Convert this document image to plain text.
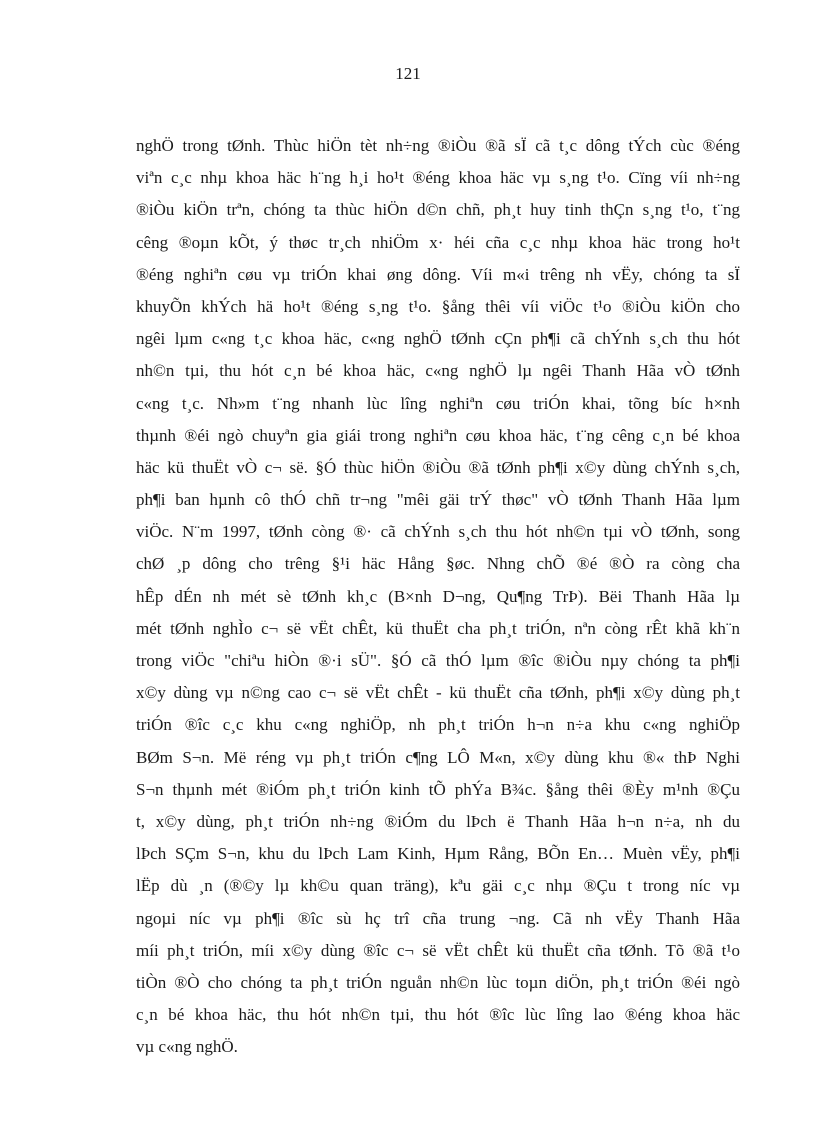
121
nghÖ trong tØnh. Thùc hiÖn tèt nh÷ng ®iÒu ®ã sÏ cã t¸c dông tÝch cùc ®éng
viªn c¸c nhµ khoa häc h¨ng h¸i ho¹t ®éng khoa häc vµ s¸ng t¹o. Cïng víi nh÷ng
®iÒu kiÖn trªn, chóng ta thùc hiÖn d©n chñ, ph¸t huy tinh thÇn s¸ng t¹o, t¨ng
cêng ®oµn kÕt, ý thøc tr¸ch nhiÖm x· héi cña c¸c nhµ khoa häc trong ho¹t
®éng nghiªn cøu vµ triÓn khai øng dông. Víi m«i trêng nh vËy, chóng ta sÏ
khuyÕn khÝch hä ho¹t ®éng s¸ng t¹o. §ång thêi víi viÖc t¹o ®iÒu kiÖn cho
ngêi lµm c«ng t¸c khoa häc, c«ng nghÖ tØnh cÇn ph¶i cã chÝnh s¸ch thu hót
nh©n tµi, thu hót c¸n bé khoa häc, c«ng nghÖ lµ ngêi Thanh Hãa vÒ tØnh
c«ng t¸c. Nh»m t¨ng nhanh lùc lîng nghiªn cøu triÓn khai, tõng bíc h×nh
thµnh ®éi ngò chuyªn gia giái trong nghiªn cøu khoa häc, t¨ng cêng c¸n bé khoa
häc kü thuËt vÒ c¬ së. §Ó thùc hiÖn ®iÒu ®ã tØnh ph¶i x©y dùng chÝnh s¸ch,
ph¶i ban hµnh cô thÓ chñ tr¬ng "mêi gäi trÝ thøc" vÒ tØnh Thanh Hãa lµm
viÖc. N¨m 1997, tØnh còng ®· cã chÝnh s¸ch thu hót nh©n tµi vÒ tØnh, song
chØ ¸p dông cho trêng §¹i häc Hång §øc. Nhng chÕ ®é ®Ò ra còng cha
hÊp dÉn nh mét sè tØnh kh¸c (B×nh D¬ng, Qu¶ng TrÞ). Bëi Thanh Hãa lµ
mét tØnh nghÌo c¬ së vËt chÊt, kü thuËt cha ph¸t triÓn, nªn còng rÊt khã kh¨n
trong viÖc "chiªu hiÒn ®·i sÜ". §Ó cã thÓ lµm ®îc ®iÒu nµy chóng ta ph¶i
x©y dùng vµ n©ng cao c¬ së vËt chÊt - kü thuËt cña tØnh, ph¶i x©y dùng ph¸t
triÓn ®îc c¸c khu c«ng nghiÖp, nh ph¸t triÓn h¬n n÷a khu c«ng nghiÖp
BØm S¬n. Më réng vµ ph¸t triÓn c¶ng LÔ M«n, x©y dùng khu ®« thÞ Nghi
S¬n thµnh mét ®iÓm ph¸t triÓn kinh tÕ phÝa B¾c. §ång thêi ®Èy m¹nh ®Çu
t, x©y dùng, ph¸t triÓn nh÷ng ®iÓm du lÞch ë Thanh Hãa h¬n n÷a, nh du
lÞch SÇm S¬n, khu du lÞch Lam Kinh, Hµm Rång, BÕn En… Muèn vËy, ph¶i
lËp dù ¸n (®©y lµ kh©u quan träng), kªu gäi c¸c nhµ ®Çu t trong níc vµ
ngoµi níc vµ ph¶i ®îc sù hç trî cña trung ¬ng. Cã nh vËy Thanh Hãa
míi ph¸t triÓn, míi x©y dùng ®îc c¬ së vËt chÊt kü thuËt cña tØnh. Tõ ®ã t¹o
tiÒn ®Ò cho chóng ta ph¸t triÓn nguån nh©n lùc toµn diÖn, ph¸t triÓn ®éi ngò
c¸n bé khoa häc, thu hót nh©n tµi, thu hót ®îc lùc lîng lao ®éng khoa häc
vµ c«ng nghÖ.
